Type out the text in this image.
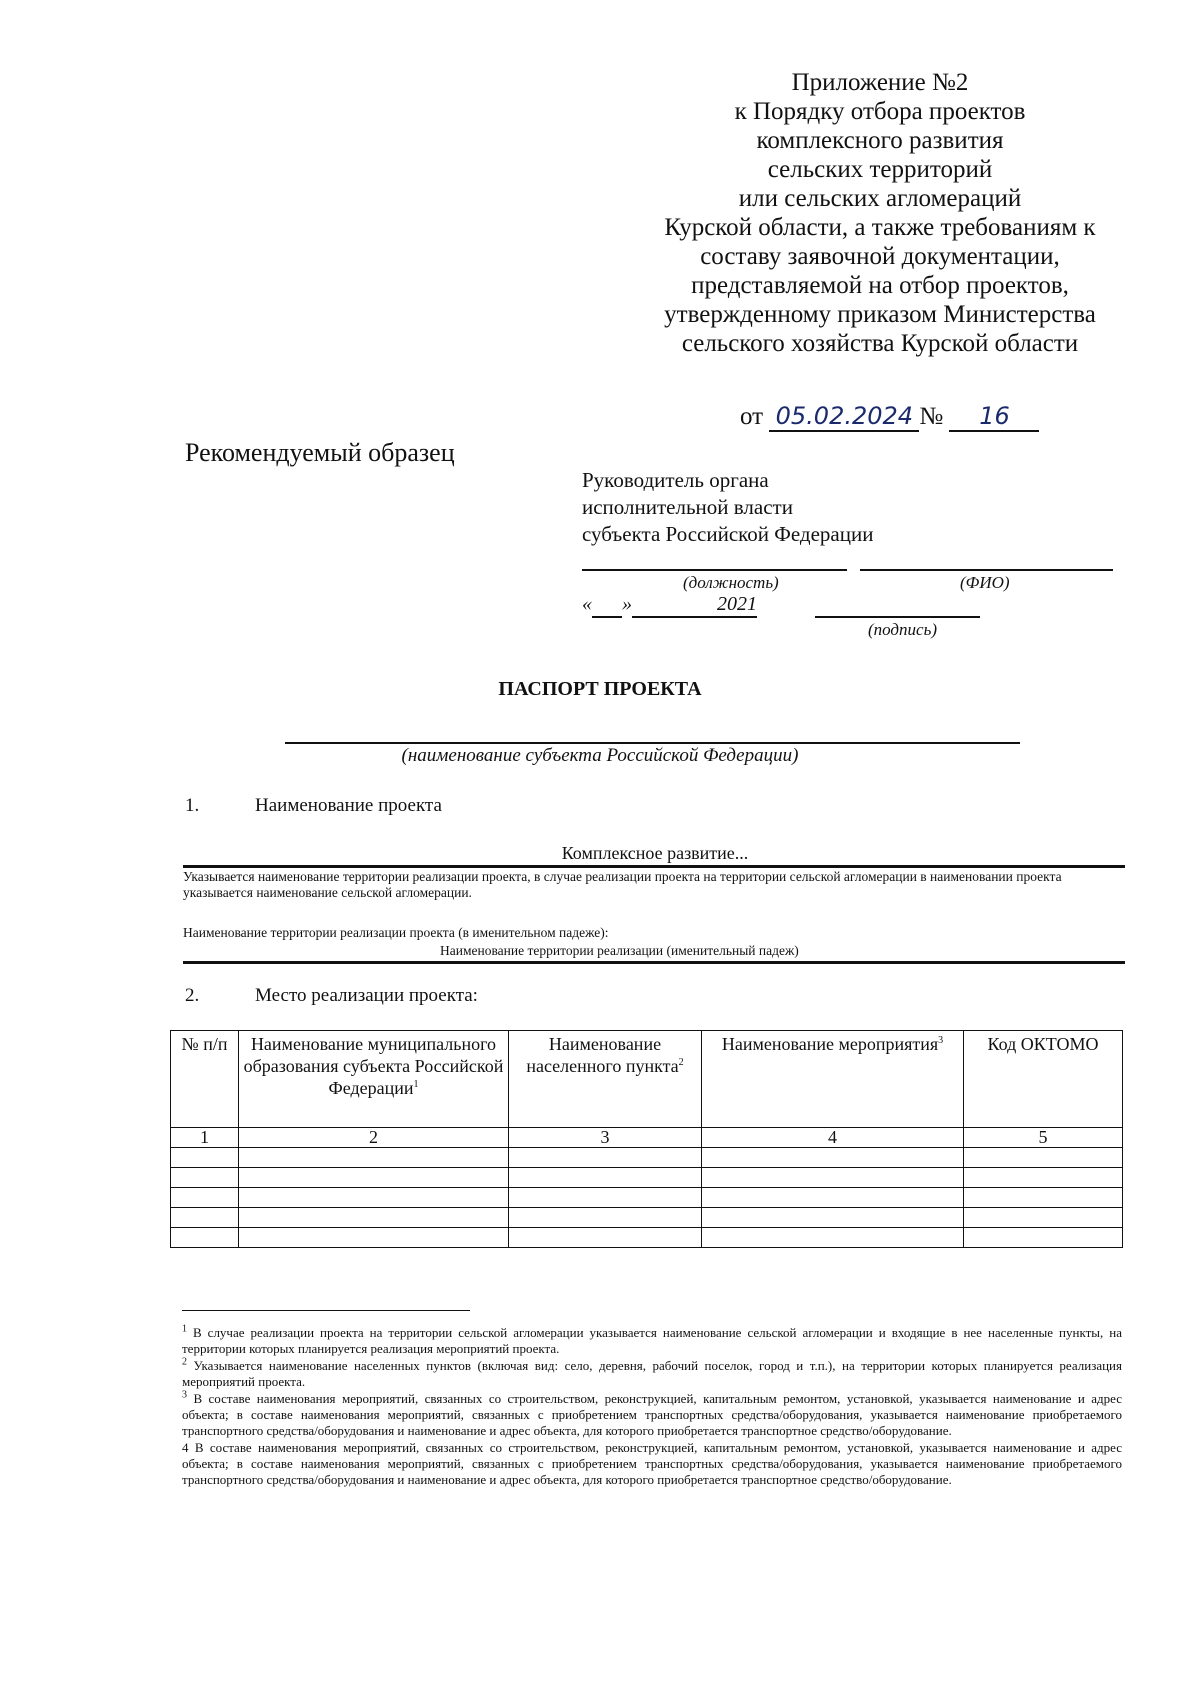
Приложение №2
к Порядку отбора проектов
комплексного развития
сельских территорий
или сельских агломераций
Курской области, а также требованиям к
составу заявочной документации,
представляемой на отбор проектов,
утвержденному приказом Министерства
сельского хозяйства Курской области
от 05.02.2024 № 16
Рекомендуемый образец
Руководитель органа
исполнительной власти
субъекта Российской Федерации
(должность)	(ФИО)
« »	2021
(подпись)
ПАСПОРТ ПРОЕКТА
(наименование субъекта Российской Федерации)
1.	Наименование проекта
Комплексное развитие...
Указывается наименование территории реализации проекта, в случае реализации проекта на территории сельской агломерации в наименовании проекта указывается наименование сельской агломерации.
Наименование территории реализации проекта (в именительном падеже):
Наименование территории реализации (именительный падеж)
2.	Место реализации проекта:
№ п/п	Наименование муниципального образования субъекта Российской Федерации$^1$	Наименование населенного пункта$^2$	Наименование мероприятия$^3$	Код ОКТОМО
1	2	3	4	5

$^1$ В случае реализации проекта на территории сельской агломерации указывается наименование сельской агломерации и входящие в нее населенные пункты, на территории которых планируется реализация мероприятий проекта.

$^2$ Указывается наименование населенных пунктов (включая вид: село, деревня, рабочий поселок, город и т.п.), на территории которых планируется реализация мероприятий проекта.

$^3$ В составе наименования мероприятий, связанных со строительством, реконструкцией, капитальным ремонтом, установкой, указывается наименование и адрес объекта; в составе наименования мероприятий, связанных с приобретением транспортных средства/оборудования, указывается наименование приобретаемого транспортного средства/оборудования и наименование и адрес объекта, для которого приобретается транспортное средство/оборудование.

4 В составе наименования мероприятий, связанных со строительством, реконструкцией, капитальным ремонтом, установкой, указывается наименование и адрес объекта; в составе наименования мероприятий, связанных с приобретением транспортных средства/оборудования, указывается наименование приобретаемого транспортного средства/оборудования и наименование и адрес объекта, для которого приобретается транспортное средство/оборудование.
